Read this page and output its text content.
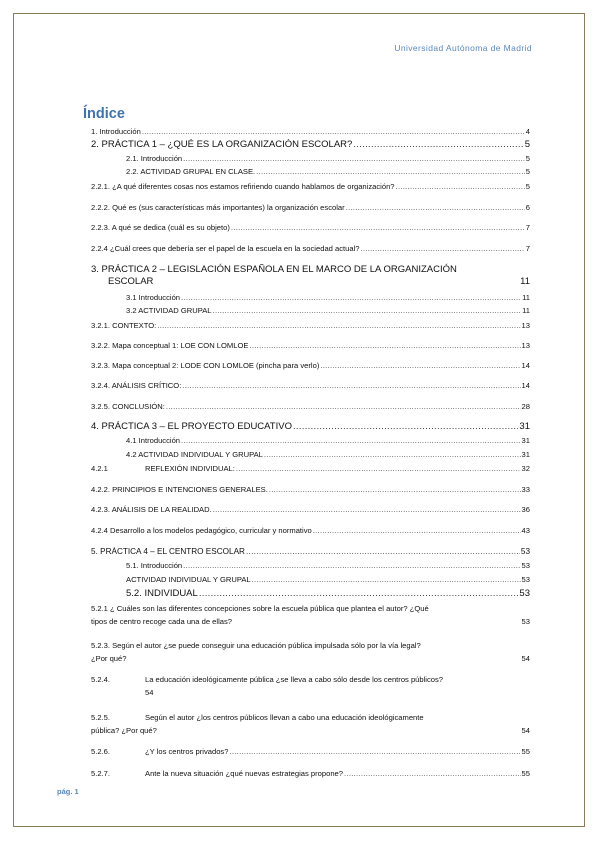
Universidad Autónoma de Madrid
Índice
1. Introducción .....	4
2. PRÁCTICA 1 – ¿QUÉ ES LA ORGANIZACIÓN ESCOLAR? .....	5
2.1. Introducción .....	5
2.2. ACTIVIDAD GRUPAL EN CLASE. .....	5
2.2.1. ¿A qué diferentes cosas nos estamos refiriendo cuando hablamos de organización? .....	5
2.2.2. Qué es (sus características más importantes) la organización escolar .....	6
2.2.3. A qué se dedica (cuál es su objeto) .....	7
2.2.4 ¿Cuál crees que debería ser el papel de la escuela en la sociedad actual? .....	7
3. PRÁCTICA 2 – LEGISLACIÓN ESPAÑOLA EN EL MARCO DE LA ORGANIZACIÓN
ESCOLAR	11
3.1 Introducción .....	11
3.2 ACTIVIDAD GRUPAL .....	11
3.2.1. CONTEXTO: .....	13
3.2.2. Mapa conceptual 1: LOE CON LOMLOE .....	13
3.2.3. Mapa conceptual 2: LODE CON LOMLOE (pincha para verlo) .....	14
3.2.4. ANÁLISIS CRÍTICO: .....	14
3.2.5. CONCLUSIÓN: .....	28
4. PRÁCTICA 3 – EL PROYECTO EDUCATIVO .....	31
4.1 Introducción .....	31
4.2 ACTIVIDAD INDIVIDUAL Y GRUPAL .....	31
4.2.1	REFLEXIÓN INDIVIDUAL: .....	32
4.2.2. PRINCIPIOS E INTENCIONES GENERALES. .....	33
4.2.3. ANÁLISIS DE LA REALIDAD. .....	36
4.2.4 Desarrollo a los modelos pedagógico, curricular y normativo .....	43
5. PRÁCTICA 4 – EL CENTRO ESCOLAR .....	53
5.1. Introducción .....	53
ACTIVIDAD INDIVIDUAL Y GRUPAL .....	53
5.2. INDIVIDUAL .....	53
5.2.1 ¿ Cuáles son las diferentes concepciones sobre la escuela pública que plantea el autor? ¿Qué
tipos de centro recoge cada una de ellas?	53
5.2.3. Según el autor ¿se puede conseguir una educación pública impulsada sólo por la vía legal?
¿Por qué?	54
5.2.4.	La educación ideológicamente pública ¿se lleva a cabo sólo desde los centros públicos?
54
5.2.5.	Según el autor ¿los centros públicos llevan a cabo una educación ideológicamente
pública? ¿Por qué?	54
5.2.6.	¿Y los centros privados? .....	55
5.2.7.	Ante la nueva situación ¿qué nuevas estrategias propone? .....	55
pág. 1
